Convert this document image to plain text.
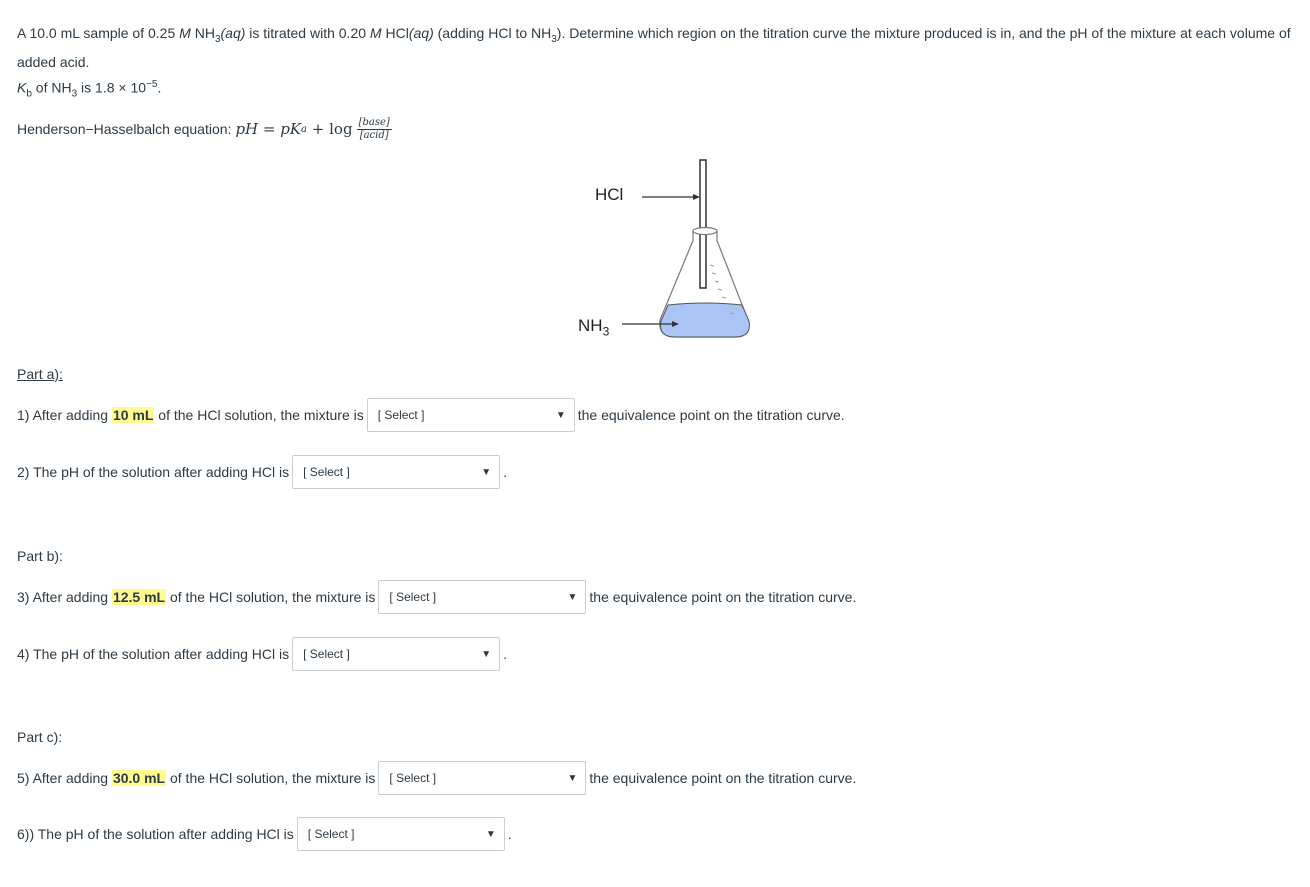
A 10.0 mL sample of 0.25 M $NH_3(aq)$ is titrated with 0.20 M HCl(aq) (adding HCl to $NH_3$). Determine which region on the titration curve the mixture produced is in, and the pH of the mixture at each volume of added acid.
$K_b$ of $NH_3$ is $1.8 \times 10^{-5}$.
Henderson−Hasselbalch equation: pH = pK $a + \log \frac{\text{[base]}}{\text{[acid]}}$
HCl
$NH_3$
Part a):
1) After adding 10 mL of the HCl solution, the mixture is [ Select ]	▼ the equivalence point on the titration curve.
2) The pH of the solution after adding HCl is [ Select ]	▼ .
Part b):
3) After adding 12.5 mL of the HCl solution, the mixture is [ Select ]	▼ the equivalence point on the titration curve.
4) The pH of the solution after adding HCl is [ Select ]	▼ .
Part c):
5) After adding 30.0 mL of the HCl solution, the mixture is [ Select ]	▼ the equivalence point on the titration curve.
6)) The pH of the solution after adding HCl is [ Select ]	▼ .
